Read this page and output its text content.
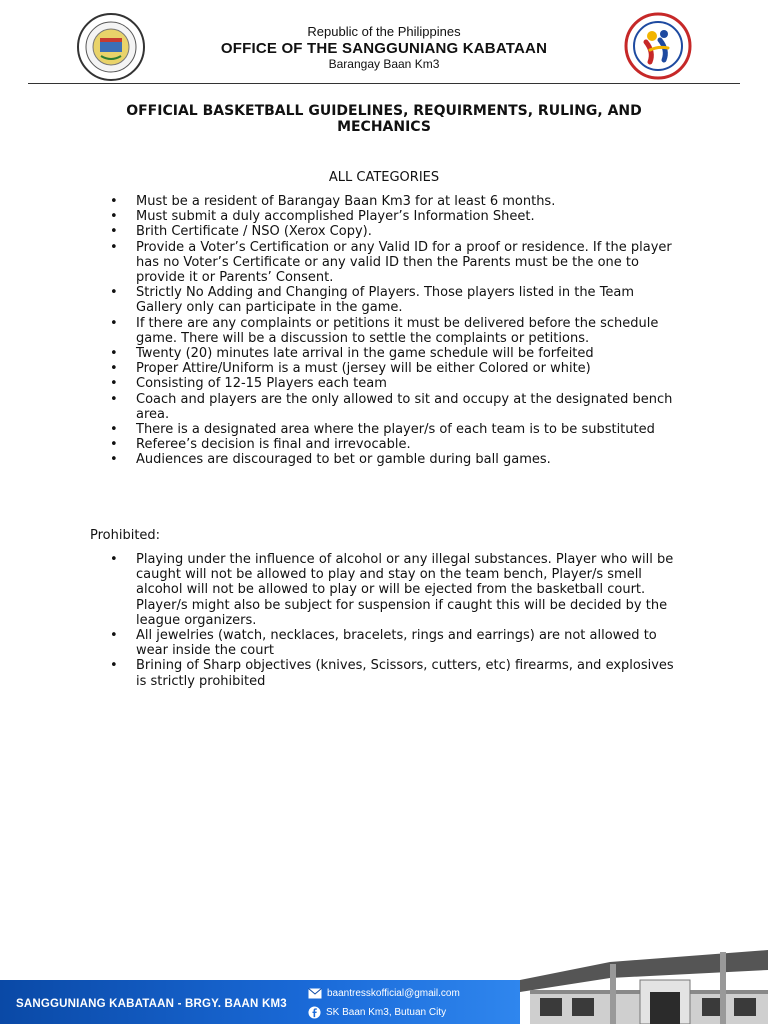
Republic of the Philippines
OFFICE OF THE SANGGUNIANG KABATAAN
Barangay Baan Km3
OFFICIAL BASKETBALL GUIDELINES, REQUIRMENTS, RULING, AND MECHANICS
ALL CATEGORIES
• Must be a resident of Barangay Baan Km3 for at least 6 months.
• Must submit a duly accomplished Player’s Information Sheet.
• Brith Certificate / NSO (Xerox Copy).
• Provide a Voter’s Certification or any Valid ID for a proof or residence. If the player has no Voter’s Certificate or any valid ID then the Parents must be the one to provide it or Parents’ Consent.
• Strictly No Adding and Changing of Players. Those players listed in the Team Gallery only can participate in the game.
• If there are any complaints or petitions it must be delivered before the schedule game. There will be a discussion to settle the complaints or petitions.
• Twenty (20) minutes late arrival in the game schedule will be forfeited
• Proper Attire/Uniform is a must (jersey will be either Colored or white)
• Consisting of 12-15 Players each team
• Coach and players are the only allowed to sit and occupy at the designated bench area.
• There is a designated area where the player/s of each team is to be substituted
• Referee’s decision is final and irrevocable.
• Audiences are discouraged to bet or gamble during ball games.
Prohibited:
• Playing under the influence of alcohol or any illegal substances. Player who will be caught will not be allowed to play and stay on the team bench, Player/s smell alcohol will not be allowed to play or will be ejected from the basketball court. Player/s might also be subject for suspension if caught this will be decided by the league organizers.
• All jewelries (watch, necklaces, bracelets, rings and earrings) are not allowed to wear inside the court
• Brining of Sharp objectives (knives, Scissors, cutters, etc) firearms, and explosives is strictly prohibited
SANGGUNIANG KABATAAN - BRGY. BAAN KM3
baantresskofficial@gmail.com
SK Baan Km3, Butuan City
